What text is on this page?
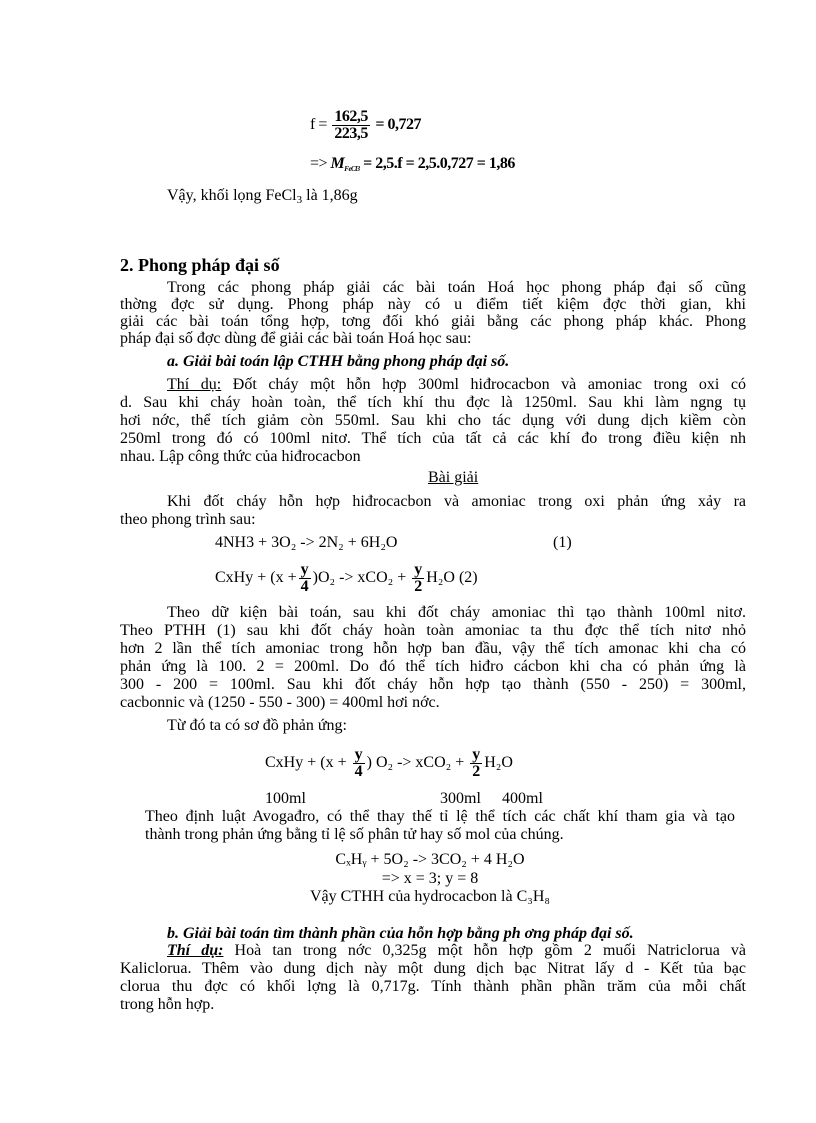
$f = \frac{162,5}{223,5} = 0,727$
=> $M_{FeCl3} = 2,5.f = 2,5.0,727 = 1,86$
Vậy, khối lọng FeCl$_3$ là 1,86g
2. Phong pháp đại số
Trong các phong pháp giải các bài toán Hoá học phong pháp đại số cũng
thờng đợc sử dụng. Phong pháp này có u điểm tiết kiệm đợc thời gian, khi
giải các bài toán tổng hợp, tơng đối khó giải bằng các phong pháp khác. Phong
pháp đại số đợc dùng để giải các bài toán Hoá học sau:
a. Giải bài toán lập CTHH bằng phong pháp đại số.
Thí dụ: Đốt cháy một hỗn hợp 300ml hiđrocacbon và amoniac trong oxi có
d. Sau khi cháy hoàn toàn, thể tích khí thu đợc là 1250ml. Sau khi làm ngng tụ
hơi nớc, thể tích giảm còn 550ml. Sau khi cho tác dụng với dung dịch kiềm còn
250ml trong đó có 100ml nitơ. Thể tích của tất cả các khí đo trong điều kiện nh
nhau. Lập công thức của hiđrocacbon
Bài giải
Khi đốt cháy hỗn hợp hiđrocacbon và amoniac trong oxi phản ứng xảy ra
theo phong trình sau:
4NH3 + 3O₂ -> 2N₂ + 6H₂O	(1)
CxHy + $(x + \frac{y}{4} )O_2 -> xCO_2 + \frac{y}{2} H_2O$ (2)
Theo dữ kiện bài toán, sau khi đốt cháy amoniac thì tạo thành 100ml nitơ.
Theo PTHH (1) sau khi đốt cháy hoàn toàn amoniac ta thu đợc thể tích nitơ nhỏ
hơn 2 lần thể tích amoniac trong hỗn hợp ban đầu, vậy thể tích amonac khi cha có
phản ứng là 100. 2 = 200ml. Do đó thể tích hiđro cácbon khi cha có phản ứng là
300 - 200 = 100ml. Sau khi đốt cháy hỗn hợp tạo thành (550 - 250) = 300ml,
cacbonnic và (1250 - 550 - 300) = 400ml hơi nớc.
Từ đó ta có sơ đồ phản ứng:
CxHy + ($x + \frac{y}{4}$ ) $O_2 -> xCO_2 + \frac{y}{2} H_2O$
100ml	300ml 400ml
Theo định luật Avogađro, có thể thay thế tỉ lệ thể tích các chất khí tham gia và tạo
thành trong phản ứng bằng tỉ lệ số phân tử hay số mol của chúng.
CₓHᵧ + 5O₂ -> 3CO₂ + 4 H₂O
=> x = 3; y = 8
Vậy CTHH của hydrocacbon là C₃H₈
b. Giải bài toán tìm thành phần của hỗn hợp bằng ph ơng pháp đại số.
Thí dụ: Hoà tan trong nớc 0,325g một hỗn hợp gồm 2 muối Natriclorua và
Kaliclorua. Thêm vào dung dịch này một dung dịch bạc Nitrat lấy d - Kết tủa bạc
clorua thu đợc có khối lợng là 0,717g. Tính thành phần phần trăm của mỗi chất
trong hỗn hợp.
